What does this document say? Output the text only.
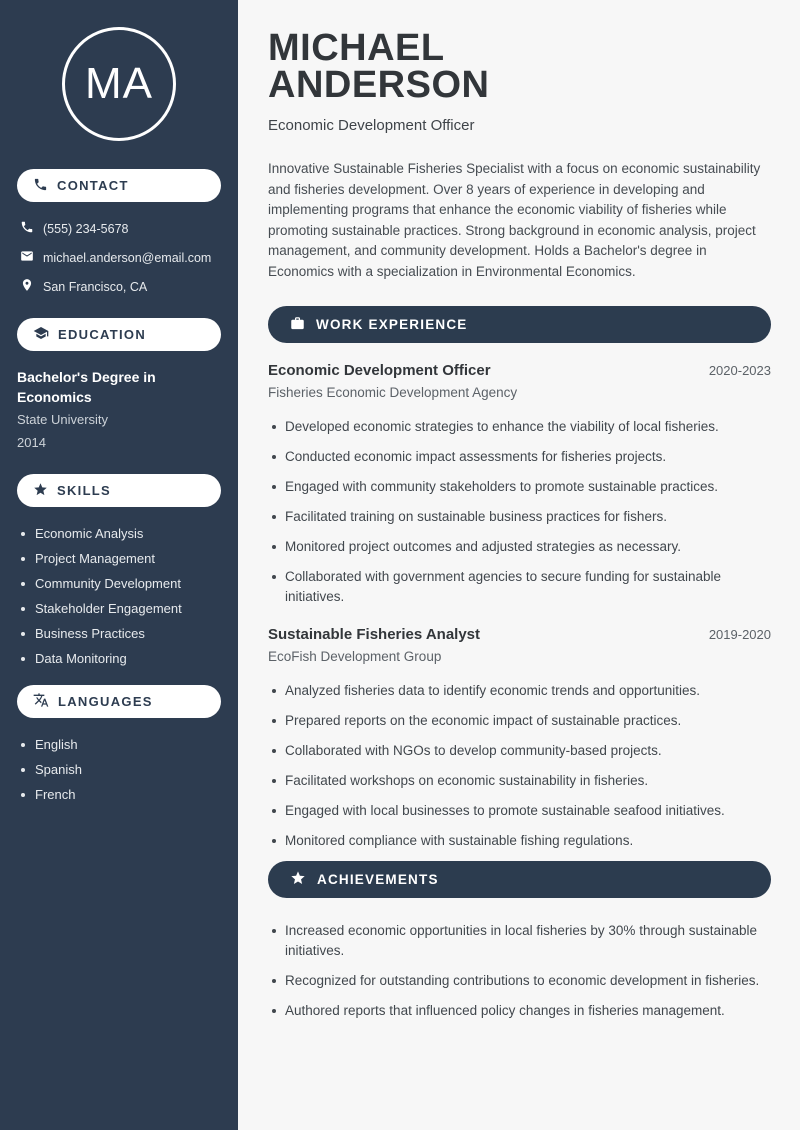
MA
CONTACT
(555) 234-5678
michael.anderson@email.com
San Francisco, CA
EDUCATION
Bachelor's Degree in Economics
State University
2014
SKILLS
Economic Analysis
Project Management
Community Development
Stakeholder Engagement
Business Practices
Data Monitoring
LANGUAGES
English
Spanish
French
MICHAEL
ANDERSON
Economic Development Officer

Innovative Sustainable Fisheries Specialist with a focus on economic sustainability and fisheries development. Over 8 years of experience in developing and implementing programs that enhance the economic viability of fisheries while promoting sustainable practices. Strong background in economic analysis, project management, and community development. Holds a Bachelor's degree in Economics with a specialization in Environmental Economics.

WORK EXPERIENCE
Economic Development Officer	2020-2023
Fisheries Economic Development Agency
Developed economic strategies to enhance the viability of local fisheries.
Conducted economic impact assessments for fisheries projects.
Engaged with community stakeholders to promote sustainable practices.
Facilitated training on sustainable business practices for fishers.
Monitored project outcomes and adjusted strategies as necessary.
Collaborated with government agencies to secure funding for sustainable initiatives.
Sustainable Fisheries Analyst	2019-2020
EcoFish Development Group
Analyzed fisheries data to identify economic trends and opportunities.
Prepared reports on the economic impact of sustainable practices.
Collaborated with NGOs to develop community-based projects.
Facilitated workshops on economic sustainability in fisheries.
Engaged with local businesses to promote sustainable seafood initiatives.
Monitored compliance with sustainable fishing regulations.
ACHIEVEMENTS
Increased economic opportunities in local fisheries by 30% through sustainable initiatives.
Recognized for outstanding contributions to economic development in fisheries.
Authored reports that influenced policy changes in fisheries management.
